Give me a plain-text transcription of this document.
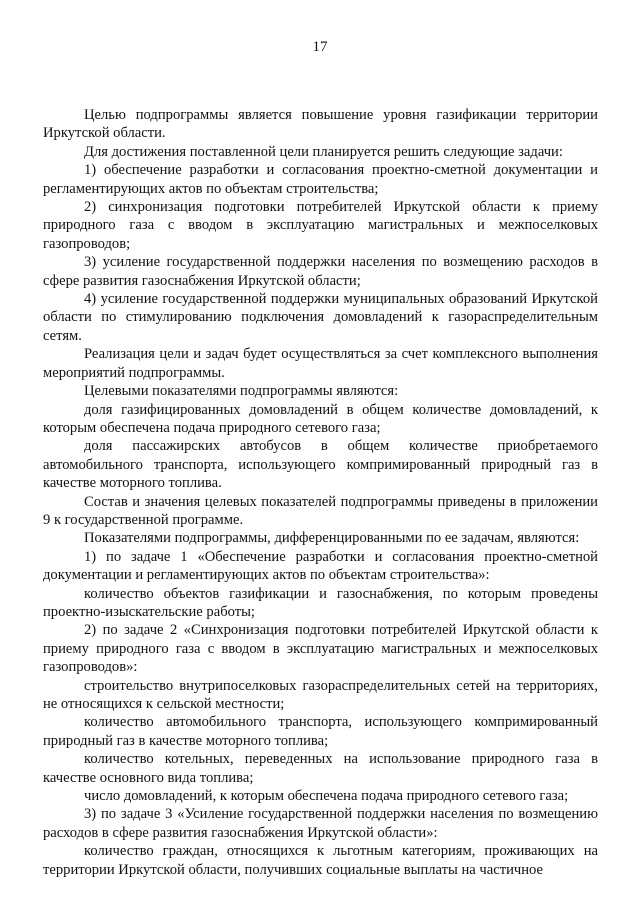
17

Целью подпрограммы является повышение уровня газификации территории Иркутской области.

Для достижения поставленной цели планируется решить следующие задачи:

1) обеспечение разработки и согласования проектно-сметной документации и регламентирующих актов по объектам строительства;

2) синхронизация подготовки потребителей Иркутской области к приему природного газа с вводом в эксплуатацию магистральных и межпоселковых газопроводов;

3) усиление государственной поддержки населения по возмещению расходов в сфере развития газоснабжения Иркутской области;

4) усиление государственной поддержки муниципальных образований Иркутской области по стимулированию подключения домовладений к газораспределительным сетям.

Реализация цели и задач будет осуществляться за счет комплексного выполнения мероприятий подпрограммы.

Целевыми показателями подпрограммы являются:

доля газифицированных домовладений в общем количестве домовладений, к которым обеспечена подача природного сетевого газа;

доля пассажирских автобусов в общем количестве приобретаемого автомобильного транспорта, использующего компримированный природный газ в качестве моторного топлива.

Состав и значения целевых показателей подпрограммы приведены в приложении 9 к государственной программе.

Показателями подпрограммы, дифференцированными по ее задачам, являются:

1) по задаче 1 «Обеспечение разработки и согласования проектно-сметной документации и регламентирующих актов по объектам строительства»:

количество объектов газификации и газоснабжения, по которым проведены проектно-изыскательские работы;

2) по задаче 2 «Синхронизация подготовки потребителей Иркутской области к приему природного газа с вводом в эксплуатацию магистральных и межпоселковых газопроводов»:

строительство внутрипоселковых газораспределительных сетей на территориях, не относящихся к сельской местности;

количество автомобильного транспорта, использующего компримированный природный газ в качестве моторного топлива;

количество котельных, переведенных на использование природного газа в качестве основного вида топлива;

число домовладений, к которым обеспечена подача природного сетевого газа;

3) по задаче 3 «Усиление государственной поддержки населения по возмещению расходов в сфере развития газоснабжения Иркутской области»:

количество граждан, относящихся к льготным категориям, проживающих на территории Иркутской области, получивших социальные выплаты на частичное
